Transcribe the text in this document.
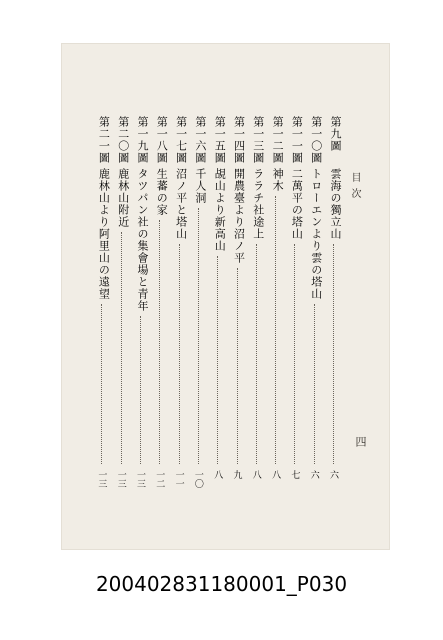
目次
四
第九圖
雲海の獨立山
六
第一〇圖
トローエンより雲の塔山
六
第一一圖
二萬平の塔山
七
第一二圖
神木
八
第一三圖
ララチ社途上
八
第一四圖
開農臺より沼ノ平
九
第一五圖
覘山より新高山
八
第一六圖
千人洞
一〇
第一七圖
沼ノ平と塔山
一一
第一八圖
生蕃の家
一二
第一九圖
タツパン社の集會場と青年
一三
第二〇圖
鹿林山附近
一三
第二一圖
鹿林山より阿里山の遠望
一三
200402831180001_P030
